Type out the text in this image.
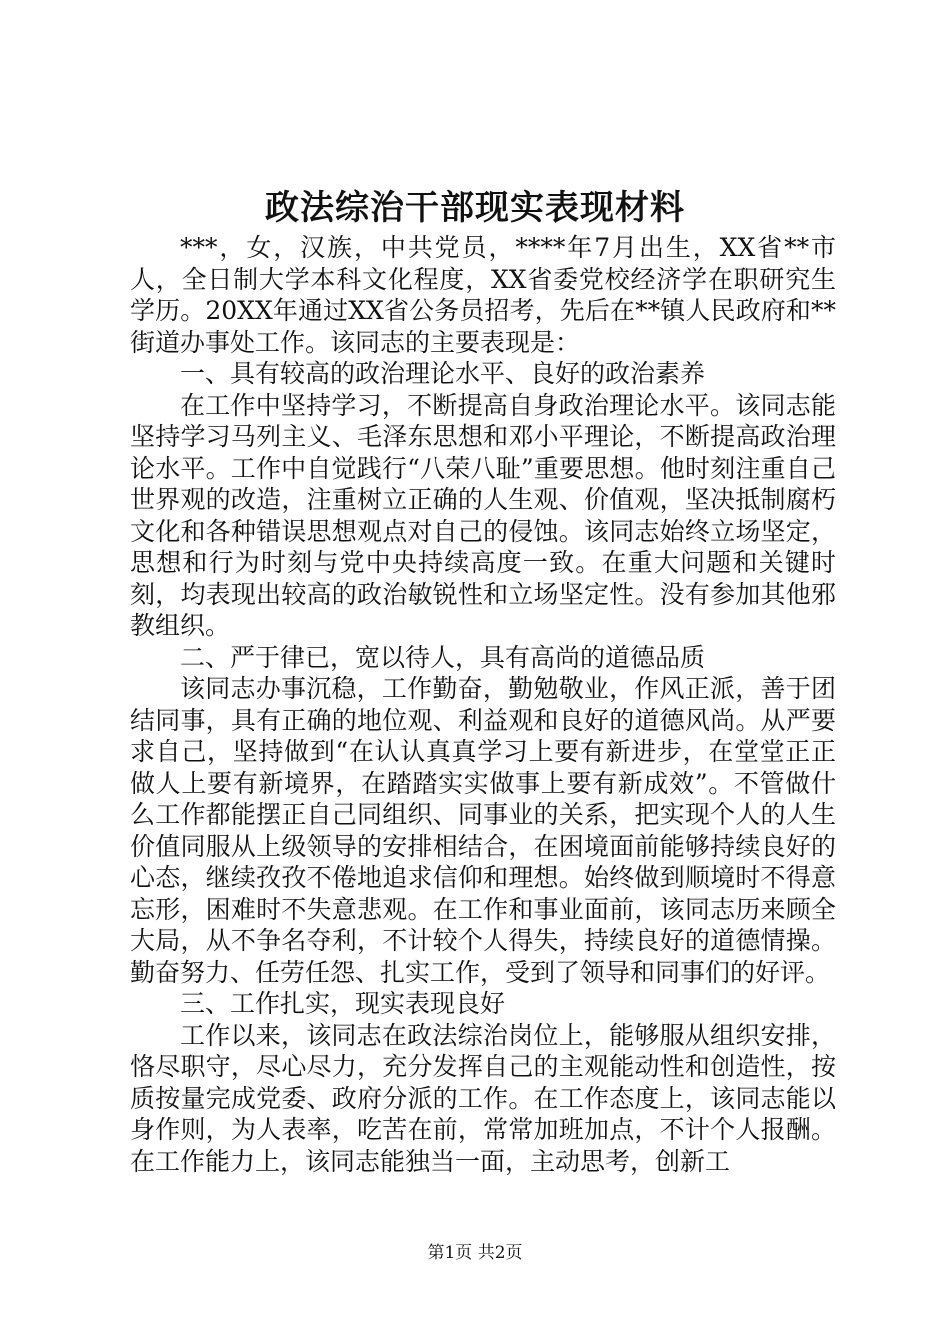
政法综治干部现实表现材料

***，女，汉族，中共党员，****年7月出生，XX省**市人，全日制大学本科文化程度，XX省委党校经济学在职研究生学历。20XX年通过XX省公务员招考，先后在**镇人民政府和**街道办事处工作。该同志的主要表现是：

一、具有较高的政治理论水平、良好的政治素养

在工作中坚持学习，不断提高自身政治理论水平。该同志能坚持学习马列主义、毛泽东思想和邓小平理论，不断提高政治理论水平。工作中自觉践行“八荣八耻”重要思想。他时刻注重自己世界观的改造，注重树立正确的人生观、价值观，坚决抵制腐朽文化和各种错误思想观点对自己的侵蚀。该同志始终立场坚定，思想和行为时刻与党中央持续高度一致。在重大问题和关键时刻，均表现出较高的政治敏锐性和立场坚定性。没有参加其他邪教组织。

二、严于律已，宽以待人，具有高尚的道德品质

该同志办事沉稳，工作勤奋，勤勉敬业，作风正派，善于团结同事，具有正确的地位观、利益观和良好的道德风尚。从严要求自己，坚持做到“在认认真真学习上要有新进步，在堂堂正正做人上要有新境界，在踏踏实实做事上要有新成效”。不管做什么工作都能摆正自己同组织、同事业的关系，把实现个人的人生价值同服从上级领导的安排相结合，在困境面前能够持续良好的心态，继续孜孜不倦地追求信仰和理想。始终做到顺境时不得意忘形，困难时不失意悲观。在工作和事业面前，该同志历来顾全大局，从不争名夺利，不计较个人得失，持续良好的道德情操。勤奋努力、任劳任怨、扎实工作，受到了领导和同事们的好评。

三、工作扎实，现实表现良好

工作以来，该同志在政法综治岗位上，能够服从组织安排，恪尽职守，尽心尽力，充分发挥自己的主观能动性和创造性，按质按量完成党委、政府分派的工作。在工作态度上，该同志能以身作则，为人表率，吃苦在前，常常加班加点，不计个人报酬。在工作能力上，该同志能独当一面，主动思考，创新工

第1页 共2页
